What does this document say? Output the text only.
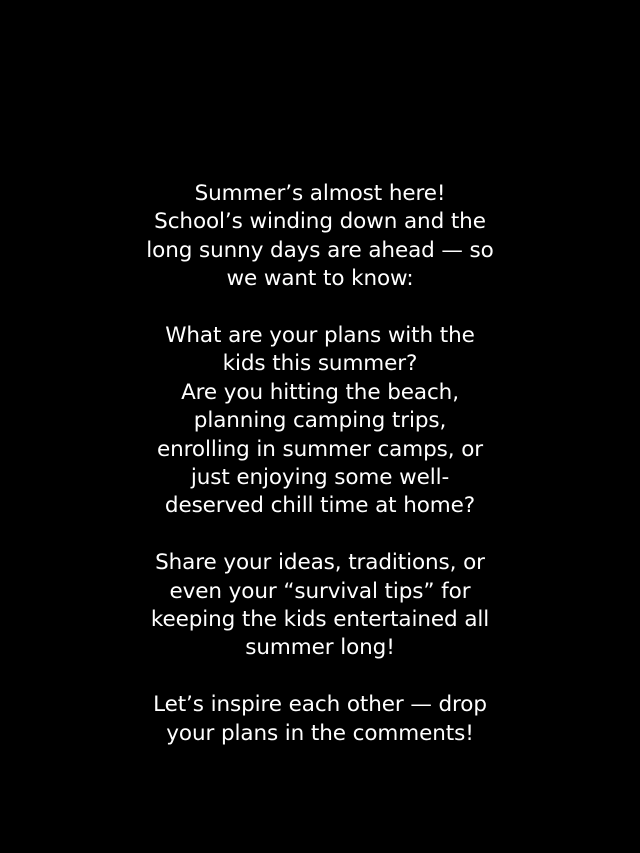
Summer’s almost here!
School’s winding down and the
long sunny days are ahead — so
we want to know:
What are your plans with the
kids this summer?
Are you hitting the beach,
planning camping trips,
enrolling in summer camps, or
just enjoying some well-
deserved chill time at home?
Share your ideas, traditions, or
even your “survival tips” for
keeping the kids entertained all
summer long!
Let’s inspire each other — drop
your plans in the comments!
